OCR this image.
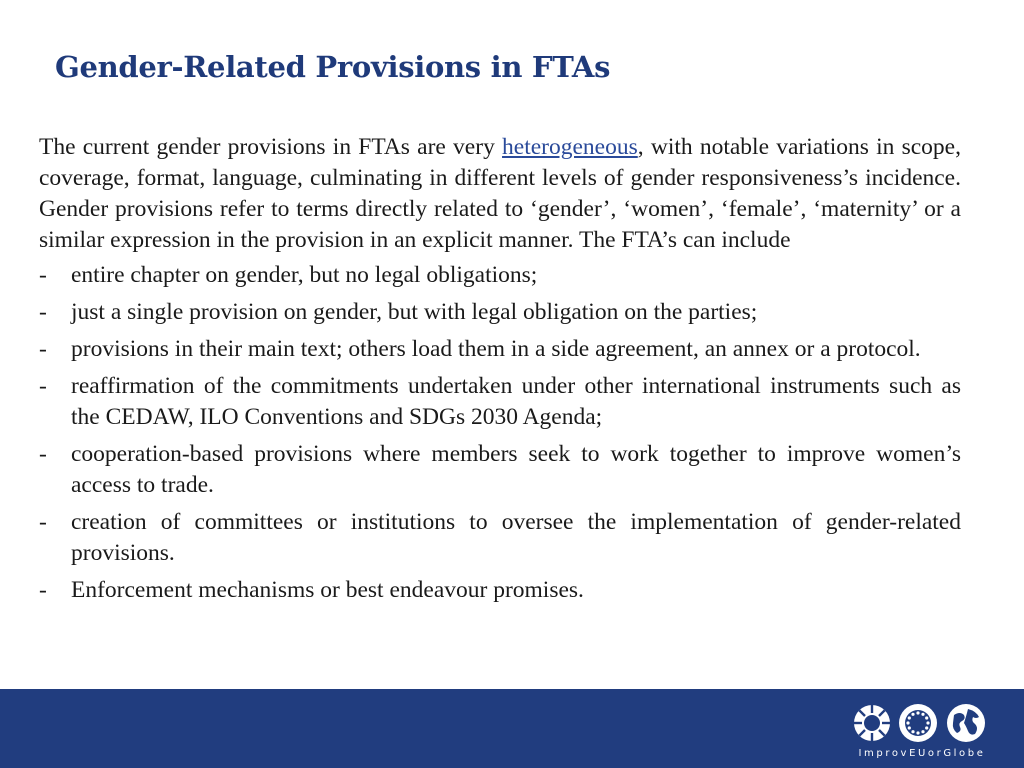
Gender-Related Provisions in FTAs

The current gender provisions in FTAs are very heterogeneous, with notable variations in scope, coverage, format, language, culminating in different levels of gender responsiveness’s incidence. Gender provisions refer to terms directly related to ‘gender’, ‘women’, ‘female’, ‘maternity’ or a similar expression in the provision in an explicit manner. The FTA’s can include

- entire chapter on gender, but no legal obligations;
- just a single provision on gender, but with legal obligation on the parties;
- provisions in their main text; others load them in a side agreement, an annex or a protocol.
- reaffirmation of the commitments undertaken under other international instruments such as the CEDAW, ILO Conventions and SDGs 2030 Agenda;
- cooperation-based provisions where members seek to work together to improve women’s access to trade.
- creation of committees or institutions to oversee the implementation of gender-related provisions.
- Enforcement mechanisms or best endeavour promises.
ImprovEUorGlobe
